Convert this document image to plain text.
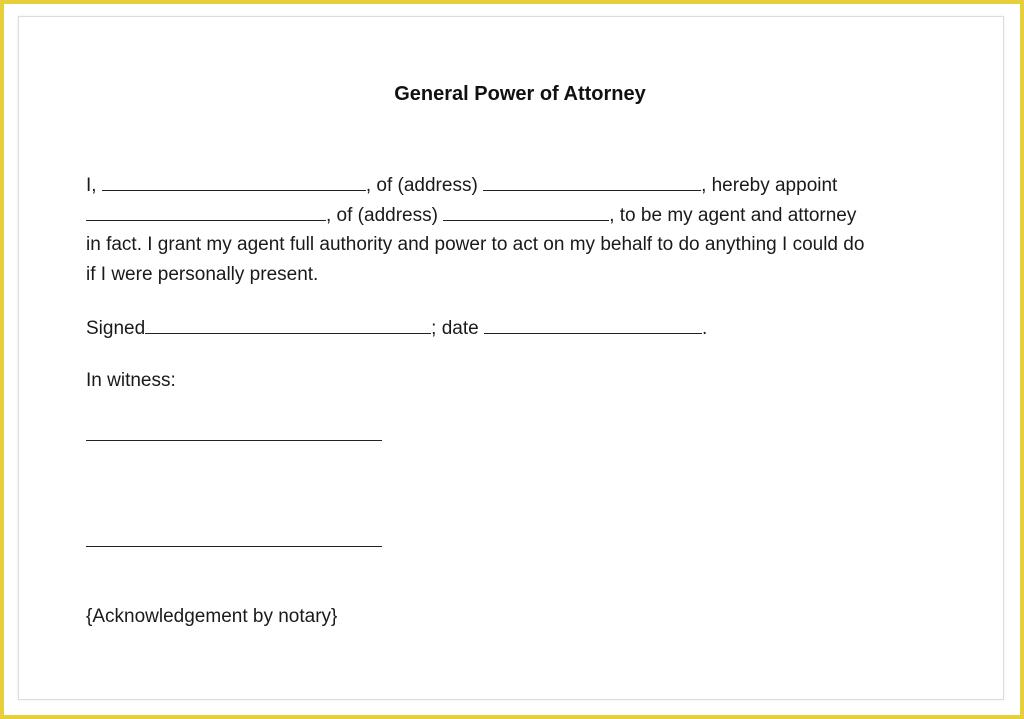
General Power of Attorney
I,	, of (address)	, hereby appoint
, of (address)	, to be my agent and attorney
in fact. I grant my agent full authority and power to act on my behalf to do anything I could do
if I were personally present.
Signed	; date	.
In witness:
{Acknowledgement by notary}
